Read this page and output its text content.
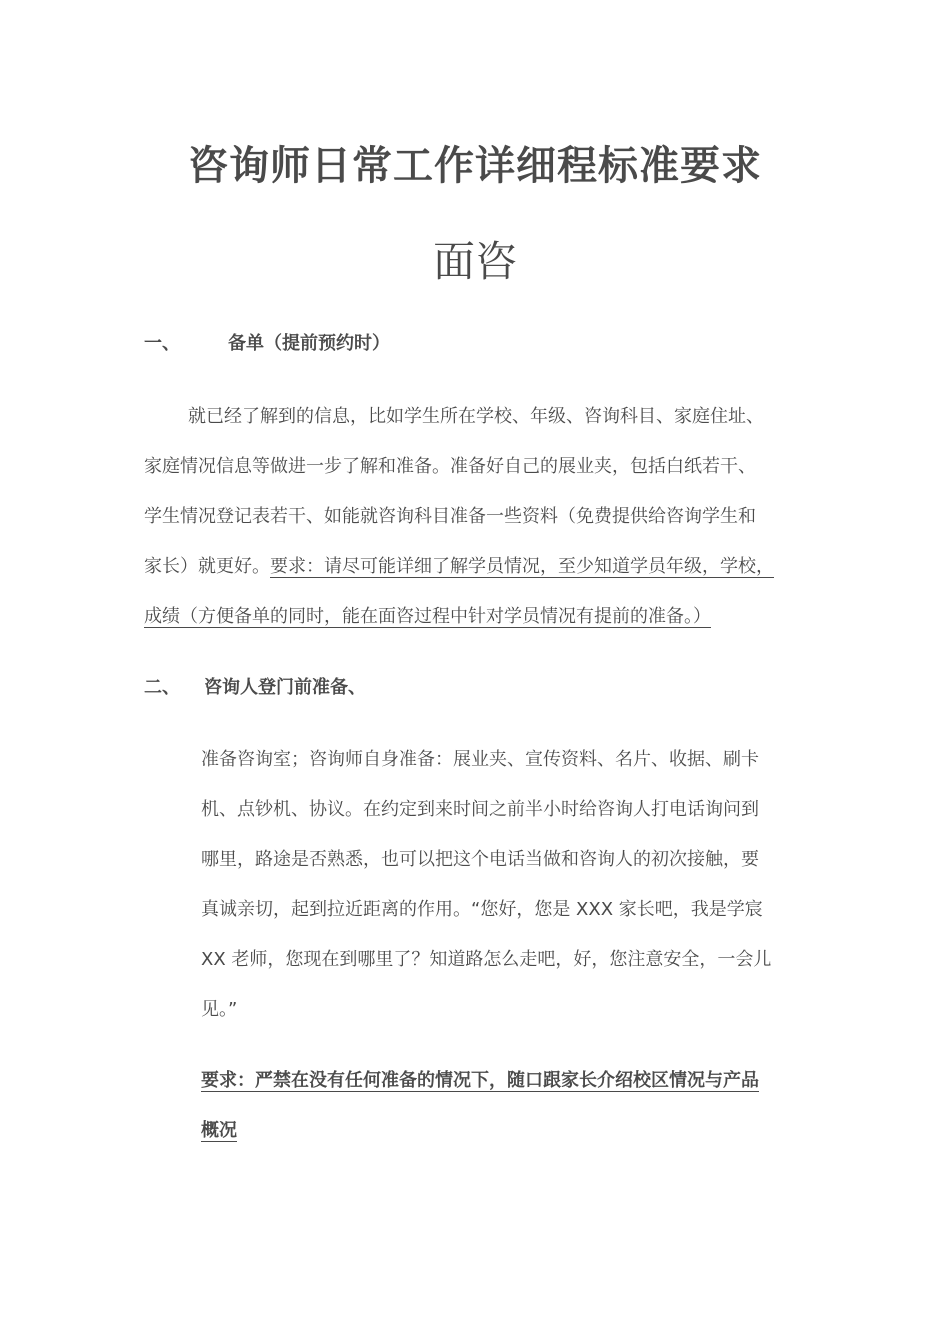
咨询师日常工作详细程标准要求
面咨
一、	备单（提前预约时）
就已经了解到的信息，比如学生所在学校、年级、咨询科目、家庭住址、
家庭情况信息等做进一步了解和准备。准备好自己的展业夹，包括白纸若干、
学生情况登记表若干、如能就咨询科目准备一些资料（免费提供给咨询学生和
家长）就更好。要求：请尽可能详细了解学员情况，至少知道学员年级，学校，
成绩（方便备单的同时，能在面咨过程中针对学员情况有提前的准备。）
二、 咨询人登门前准备、
准备咨询室；咨询师自身准备：展业夹、宣传资料、名片、收据、刷卡
机、点钞机、协议。在约定到来时间之前半小时给咨询人打电话询问到
哪里，路途是否熟悉，也可以把这个电话当做和咨询人的初次接触，要
真诚亲切，起到拉近距离的作用。“您好，您是 XXX 家长吧，我是学宸
XX 老师，您现在到哪里了？知道路怎么走吧，好，您注意安全，一会儿
见。”
要求：严禁在没有任何准备的情况下，随口跟家长介绍校区情况与产品
概况
